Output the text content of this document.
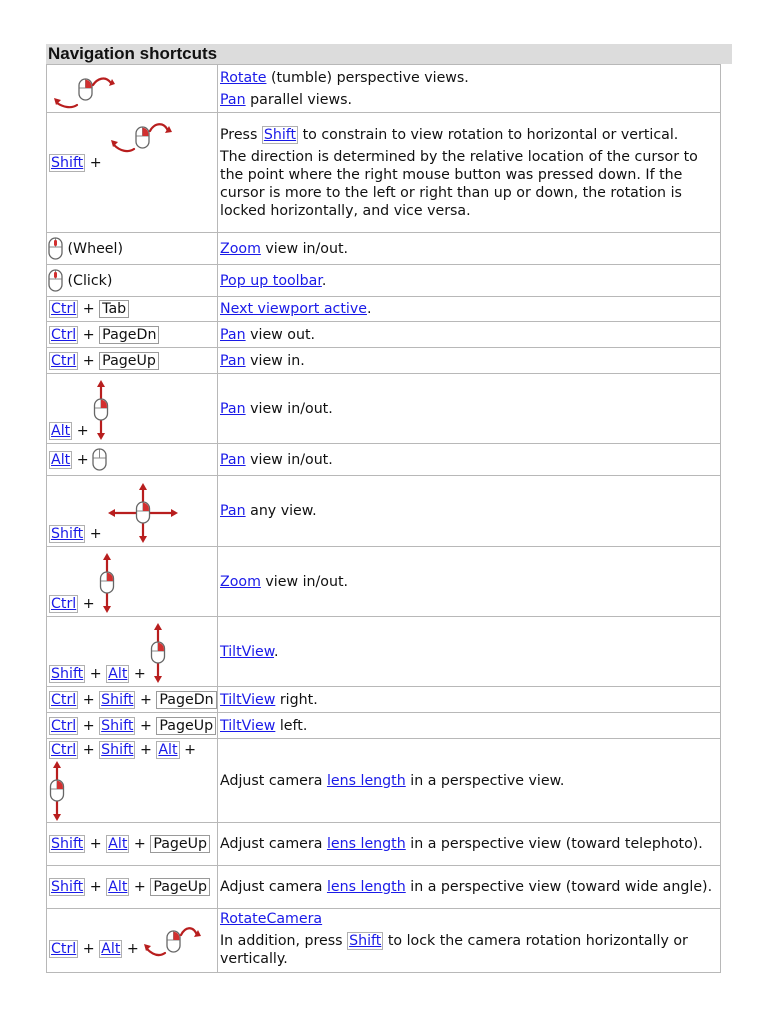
Navigation shortcuts

Rotate (tumble) perspective views.

Pan parallel views.

Shift +	Press Shift to constrain to view rotation to horizontal or vertical.

The direction is determined by the relative location of the cursor to the point where the right mouse button was pressed down. If the cursor is more to the left or right than up or down, the rotation is locked horizontally, and vice versa.

(Wheel)	Zoom view in/out.
(Click)	Pop up toolbar.
Ctrl + Tab	Next viewport active.
Ctrl + PageDn	Pan view out.
Ctrl + PageUp	Pan view in.
Alt +	Pan view in/out.
Alt +	Pan view in/out.
Shift +	Pan any view.
Ctrl +	Zoom view in/out.
Shift + Alt +	TiltView.
Ctrl + Shift + PageDn	TiltView right.
Ctrl + Shift + PageUp	TiltView left.

Ctrl + Shift + Alt +	Adjust camera lens length in a perspective view.
Shift + Alt + PageUp	Adjust camera lens length in a perspective view (toward telephoto).
Shift + Alt + PageUp	Adjust camera lens length in a perspective view (toward wide angle).
Ctrl + Alt +	RotateCamera

In addition, press Shift to lock the camera rotation horizontally or vertically.
